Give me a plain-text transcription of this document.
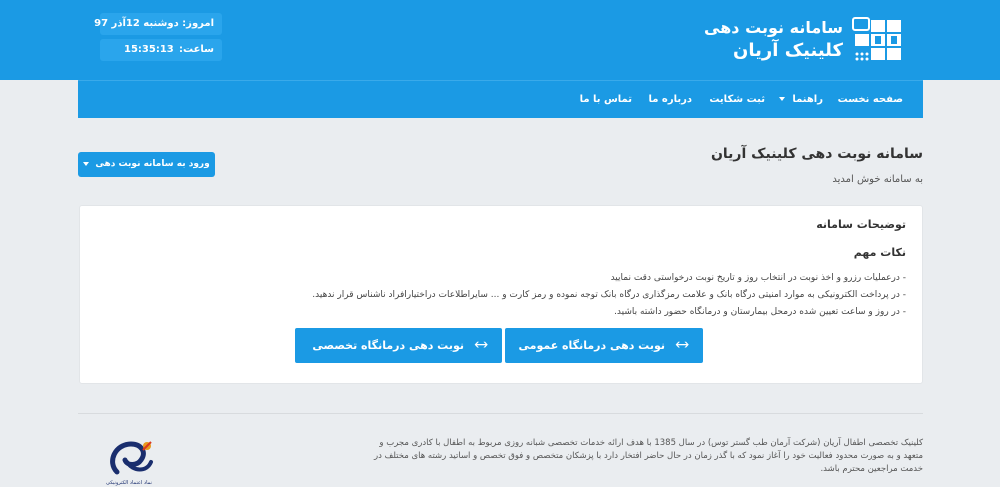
سامانه نوبت دهی
کلینیک آریان
امروز: دوشنبه 12آذر 97
ساعت:
15:35:13
صفحه نخست
راهنما
ثبت شکایت
درباره ما
تماس با ما
سامانه نوبت دهی کلینیک آریان
به سامانه خوش امدید
ورود به سامانه نوبت دهی
توضیحات سامانه
نکات مهم
- درعملیات رزرو و اخذ نوبت در انتخاب روز و تاریخ نوبت درخواستی دقت نمایید
- در پرداخت الکترونیکی به موارد امنیتی درگاه بانک و علامت رمزگذاری درگاه بانک توجه نموده و رمز کارت و ... سایراطلاعات دراختیارافراد ناشناس قرار ندهید.
- در روز و ساعت تعیین شده درمحل بیمارستان و درمانگاه حضور داشته باشید.
🡘
نوبت دهی درمانگاه عمومی
🡘
نوبت دهی درمانگاه تخصصی
کلینیک تخصصی اطفال آریان (شرکت آرمان طب گستر توس) در سال 1385 با هدف ارائه خدمات تخصصی شبانه روزی مربوط به اطفال با کادری مجرب و متعهد و به صورت محدود فعالیت خود را آغاز نمود که با گذر زمان در حال حاضر افتخار دارد با پزشکان متخصص و فوق تخصص و اساتید رشته های مختلف در خدمت مراجعین محترم باشد.
نماد اعتماد الکترونیکی
